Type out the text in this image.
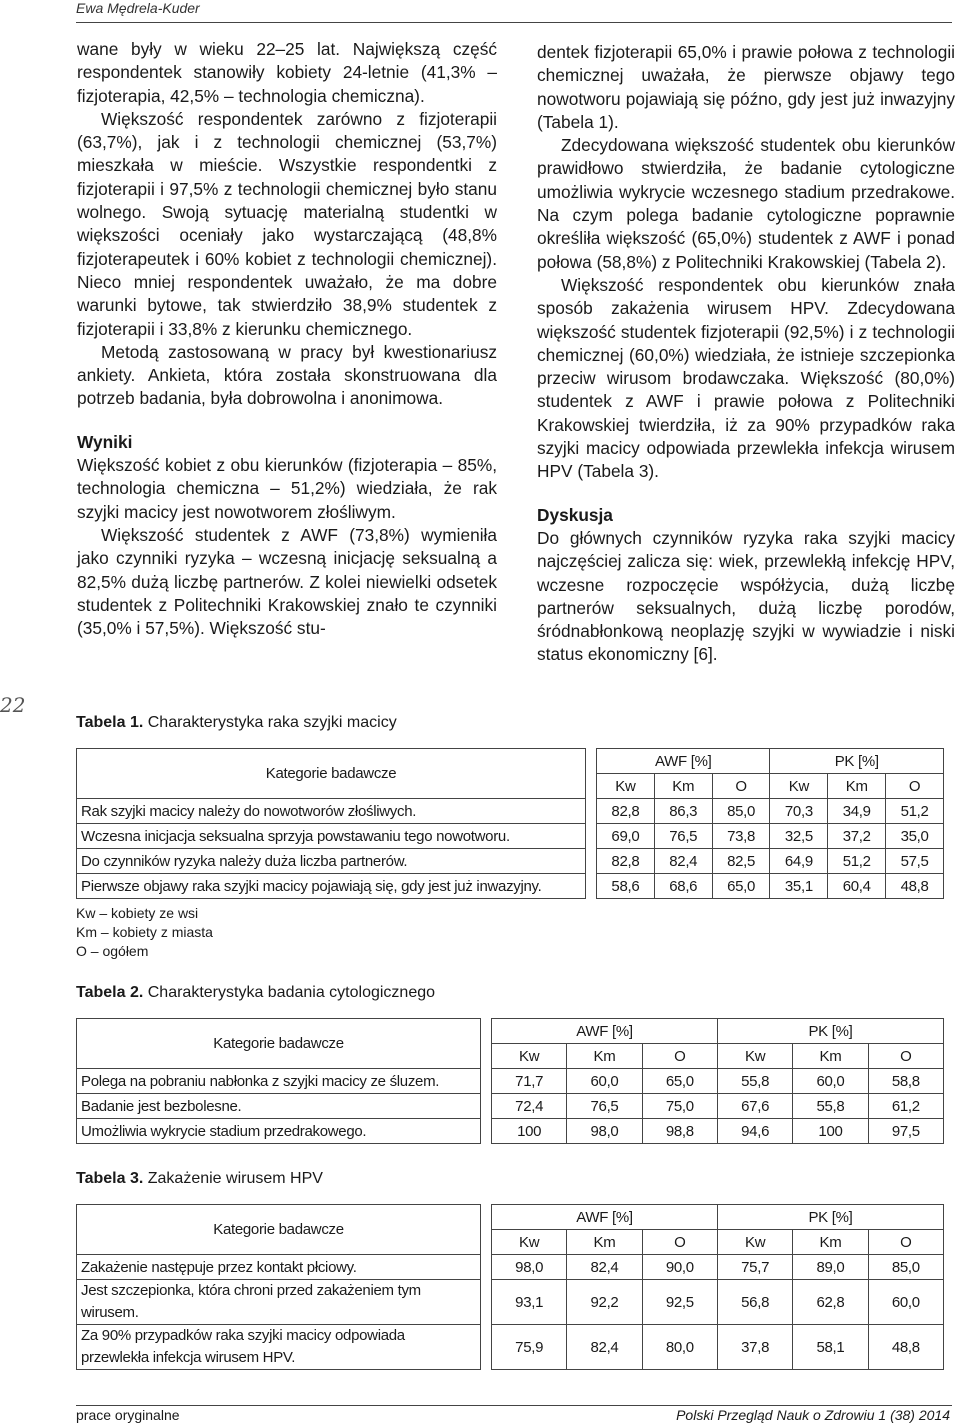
Ewa Mędrela-Kuder

wane były w wieku 22–25 lat. Największą część respondentek stanowiły kobiety 24-letnie (41,3% – fizjoterapia, 42,5% – technologia chemiczna).

Większość respondentek zarówno z fizjoterapii (63,7%), jak i z technologii chemicznej (53,7%) mieszkała w mieście. Wszystkie respondentki z fizjoterapii i 97,5% z technologii chemicznej było stanu wolnego. Swoją sytuację materialną studentki w większości oceniały jako wystarczającą (48,8% fizjoterapeutek i 60% kobiet z technologii chemicznej). Nieco mniej respondentek uważało, że ma dobre warunki bytowe, tak stwierdziło 38,9% studentek z fizjoterapii i 33,8% z kierunku chemicznego.

Metodą zastosowaną w pracy był kwestionariusz ankiety. Ankieta, która została skonstruowana dla potrzeb badania, była dobrowolna i anonimowa.

Wyniki

Większość kobiet z obu kierunków (fizjoterapia – 85%, technologia chemiczna – 51,2%) wiedziała, że rak szyjki macicy jest nowotworem złośliwym.

Większość studentek z AWF (73,8%) wymieniła jako czynniki ryzyka – wczesną inicjację seksualną a 82,5% dużą liczbę partnerów. Z kolei niewielki odsetek studentek z Politechniki Krakowskiej znało te czynniki (35,0% i 57,5%). Większość stu-

dentek fizjoterapii 65,0% i prawie połowa z technologii chemicznej uważała, że pierwsze objawy tego nowotworu pojawiają się późno, gdy jest już inwazyjny (Tabela 1).

Zdecydowana większość studentek obu kierunków prawidłowo stwierdziła, że badanie cytologiczne umożliwia wykrycie wczesnego stadium przedrakowe. Na czym polega badanie cytologiczne poprawnie określiła większość (65,0%) studentek z AWF i ponad połowa (58,8%) z Politechniki Krakowskiej (Tabela 2).

Większość respondentek obu kierunków znała sposób zakażenia wirusem HPV. Zdecydowana większość studentek fizjoterapii (92,5%) i z technologii chemicznej (60,0%) wiedziała, że istnieje szczepionka przeciw wirusom brodawczaka. Większość (80,0%) studentek z AWF i prawie połowa z Politechniki Krakowskiej twierdziła, iż za 90% przypadków raka szyjki macicy odpowiada przewlekła infekcja wirusem HPV (Tabela 3).

Dyskusja

Do głównych czynników ryzyka raka szyjki macicy najczęściej zalicza się: wiek, przewlekłą infekcję HPV, wczesne rozpoczęcie współżycia, dużą liczbę partnerów seksualnych, dużą liczbę porodów, śródnabłonkową neoplazję szyjki w wywiadzie i niski status ekonomiczny [6].

22
Tabela 1. Charakterystyka raka szyjki macicy
Kategorie badawcze		AWF [%]			PK [%]		
		Kw	Km	O	Kw	Km	O
Rak szyjki macicy należy do nowotworów złośliwych.		82,8	86,3	85,0	70,3	34,9	51,2
Wczesna inicjacja seksualna sprzyja powstawaniu tego nowotworu.		69,0	76,5	73,8	32,5	37,2	35,0
Do czynników ryzyka należy duża liczba partnerów.		82,8	82,4	82,5	64,9	51,2	57,5
Pierwsze objawy raka szyjki macicy pojawiają się, gdy jest już inwazyjny.		58,6	68,6	65,0	35,1	60,4	48,8
Kw – kobiety ze wsi
Km – kobiety z miasta
O – ogółem
Tabela 2. Charakterystyka badania cytologicznego
Kategorie badawcze		AWF [%]			PK [%]		
		Kw	Km	O	Kw	Km	O
Polega na pobraniu nabłonka z szyjki macicy ze śluzem.		71,7	60,0	65,0	55,8	60,0	58,8
Badanie jest bezbolesne.		72,4	76,5	75,0	67,6	55,8	61,2
Umożliwia wykrycie stadium przedrakowego.		100	98,0	98,8	94,6	100	97,5
Tabela 3. Zakażenie wirusem HPV
Kategorie badawcze		AWF [%]			PK [%]		
		Kw	Km	O	Kw	Km	O
Zakażenie następuje przez kontakt płciowy.		98,0	82,4	90,0	75,7	89,0	85,0
Jest szczepionka, która chroni przed zakażeniem tym wirusem.		93,1	92,2	92,5	56,8	62,8	60,0
Za 90% przypadków raka szyjki macicy odpowiada przewlekła infekcja wirusem HPV.		75,9	82,4	80,0	37,8	58,1	48,8
prace oryginalne	Polski Przegląd Nauk o Zdrowiu 1 (38) 2014
